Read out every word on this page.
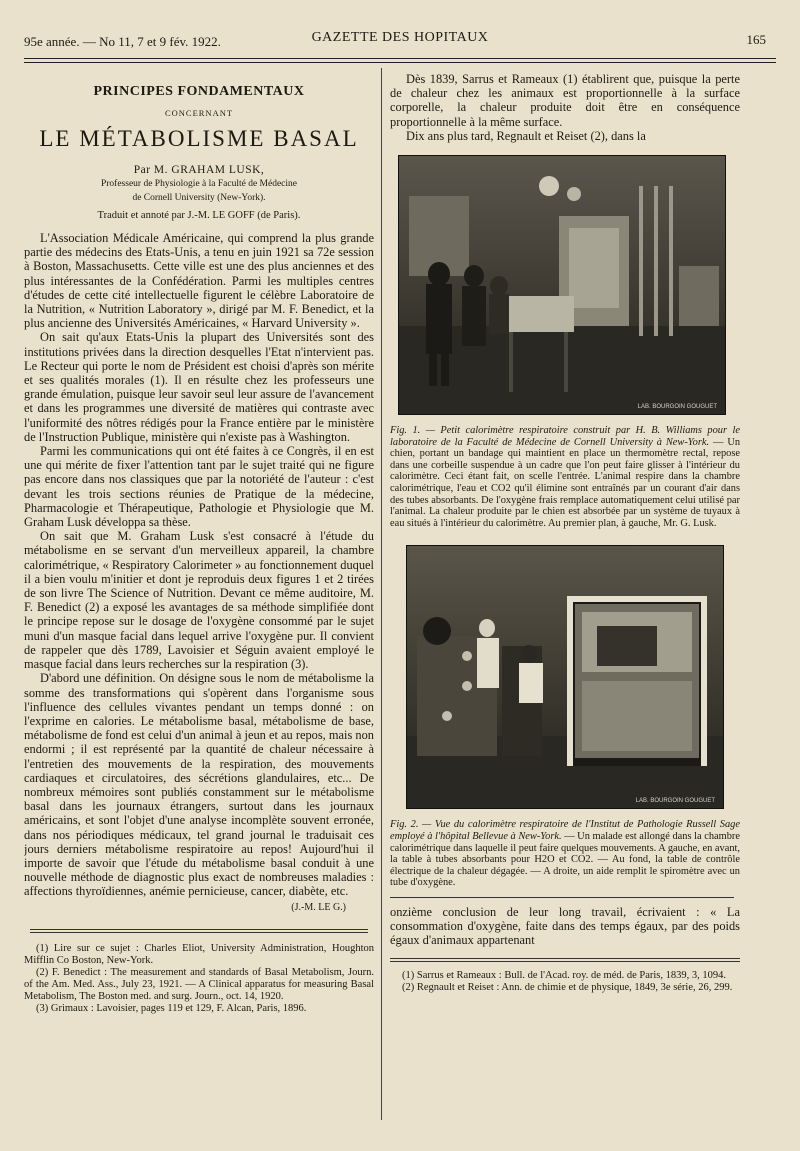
95e année. — No 11, 7 et 9 fév. 1922.	GAZETTE DES HOPITAUX	165
PRINCIPES FONDAMENTAUX
CONCERNANT
LE MÉTABOLISME BASAL
Par M. GRAHAM LUSK,
Professeur de Physiologie à la Faculté de Médecine
de Cornell University (New-York).
Traduit et annoté par J.-M. LE GOFF (de Paris).

L'Association Médicale Américaine, qui comprend la plus grande partie des médecins des Etats-Unis, a tenu en juin 1921 sa 72e session à Boston, Massachusetts. Cette ville est une des plus anciennes et des plus intéressantes de la Confédération. Parmi les multiples centres d'études de cette cité intellectuelle figurent le célèbre Laboratoire de la Nutrition, « Nutrition Laboratory », dirigé par M. F. Benedict, et la plus ancienne des Universités Américaines, « Harvard University ».

On sait qu'aux Etats-Unis la plupart des Universités sont des institutions privées dans la direction desquelles l'Etat n'intervient pas. Le Recteur qui porte le nom de Président est choisi d'après son mérite et ses qualités morales (1). Il en résulte chez les professeurs une grande émulation, puisque leur savoir seul leur assure de l'avancement et dans les programmes une diversité de matières qui contraste avec l'uniformité des nôtres rédigés pour la France entière par le ministère de l'Instruction Publique, ministère qui n'existe pas à Washington.

Parmi les communications qui ont été faites à ce Congrès, il en est une qui mérite de fixer l'attention tant par le sujet traité qui ne figure pas encore dans nos classiques que par la notoriété de l'auteur : c'est devant les trois sections réunies de Pratique de la médecine, Pharmacologie et Thérapeutique, Pathologie et Physiologie que M. Graham Lusk développa sa thèse.

On sait que M. Graham Lusk s'est consacré à l'étude du métabolisme en se servant d'un merveilleux appareil, la chambre calorimétrique, « Respiratory Calorimeter » au fonctionnement duquel il a bien voulu m'initier et dont je reproduis deux figures 1 et 2 tirées de son livre The Science of Nutrition. Devant ce même auditoire, M. F. Benedict (2) a exposé les avantages de sa méthode simplifiée dont le principe repose sur le dosage de l'oxygène consommé par le sujet muni d'un masque facial dans lequel arrive l'oxygène pur. Il convient de rappeler que dès 1789, Lavoisier et Séguin avaient employé le masque facial dans leurs recherches sur la respiration (3).

D'abord une définition. On désigne sous le nom de métabolisme la somme des transformations qui s'opèrent dans l'organisme sous l'influence des cellules vivantes pendant un temps donné : on l'exprime en calories. Le métabolisme basal, métabolisme de base, métabolisme de fond est celui d'un animal à jeun et au repos, mais non endormi ; il est représenté par la quantité de chaleur nécessaire à l'entretien des mouvements de la respiration, des mouvements cardiaques et circulatoires, des sécrétions glandulaires, etc... De nombreux mémoires sont publiés constamment sur le métabolisme basal dans les journaux étrangers, surtout dans les journaux américains, et sont l'objet d'une analyse incomplète souvent erronée, dans nos périodiques médicaux, tel grand journal le traduisait ces jours derniers métabolisme respiratoire au repos! Aujourd'hui il importe de savoir que l'étude du métabolisme basal conduit à une nouvelle méthode de diagnostic plus exact de nombreuses maladies : affections thyroïdiennes, anémie pernicieuse, cancer, diabète, etc.

(J.-M. LE G.)

(1) Lire sur ce sujet : Charles Eliot, University Administration, Houghton Mifflin Co Boston, New-York.

(2) F. Benedict : The measurement and standards of Basal Metabolism, Journ. of the Am. Med. Ass., July 23, 1921. — A Clinical apparatus for measuring Basal Metabolism, The Boston med. and surg. Journ., oct. 14, 1920.

(3) Grimaux : Lavoisier, pages 119 et 129, F. Alcan, Paris, 1896.

Dès 1839, Sarrus et Rameaux (1) établirent que, puisque la perte de chaleur chez les animaux est proportionnelle à la surface corporelle, la chaleur produite doit être en conséquence proportionnelle à la même surface.

Dix ans plus tard, Regnault et Reiset (2), dans la

LAB. BOURGOIN GOUGUET

Fig. 1. — Petit calorimètre respiratoire construit par H. B. Williams pour le laboratoire de la Faculté de Médecine de Cornell University à New-York. — Un chien, portant un bandage qui maintient en place un thermomètre rectal, repose dans une corbeille suspendue à un cadre que l'on peut faire glisser à l'intérieur du calorimètre. Ceci étant fait, on scelle l'entrée. L'animal respire dans la chambre calorimétrique, l'eau et CO2 qu'il élimine sont entraînés par un courant d'air dans des tubes absorbants. De l'oxygène frais remplace automatiquement celui utilisé par l'animal. La chaleur produite par le chien est absorbée par un système de tuyaux à eau situés à l'intérieur du calorimètre. Au premier plan, à gauche, Mr. G. Lusk.

LAB. BOURGOIN GOUGUET

Fig. 2. — Vue du calorimètre respiratoire de l'Institut de Pathologie Russell Sage employé à l'hôpital Bellevue à New-York. — Un malade est allongé dans la chambre calorimétrique dans laquelle il peut faire quelques mouvements. A gauche, en avant, la table à tubes absorbants pour H2O et CO2. — Au fond, la table de contrôle électrique de la chaleur dégagée. — A droite, un aide remplit le spiromètre avec un tube d'oxygène.

onzième conclusion de leur long travail, écrivaient : « La consommation d'oxygène, faite dans des temps égaux, par des poids égaux d'animaux appartenant

(1) Sarrus et Rameaux : Bull. de l'Acad. roy. de méd. de Paris, 1839, 3, 1094.

(2) Regnault et Reiset : Ann. de chimie et de physique, 1849, 3e série, 26, 299.
